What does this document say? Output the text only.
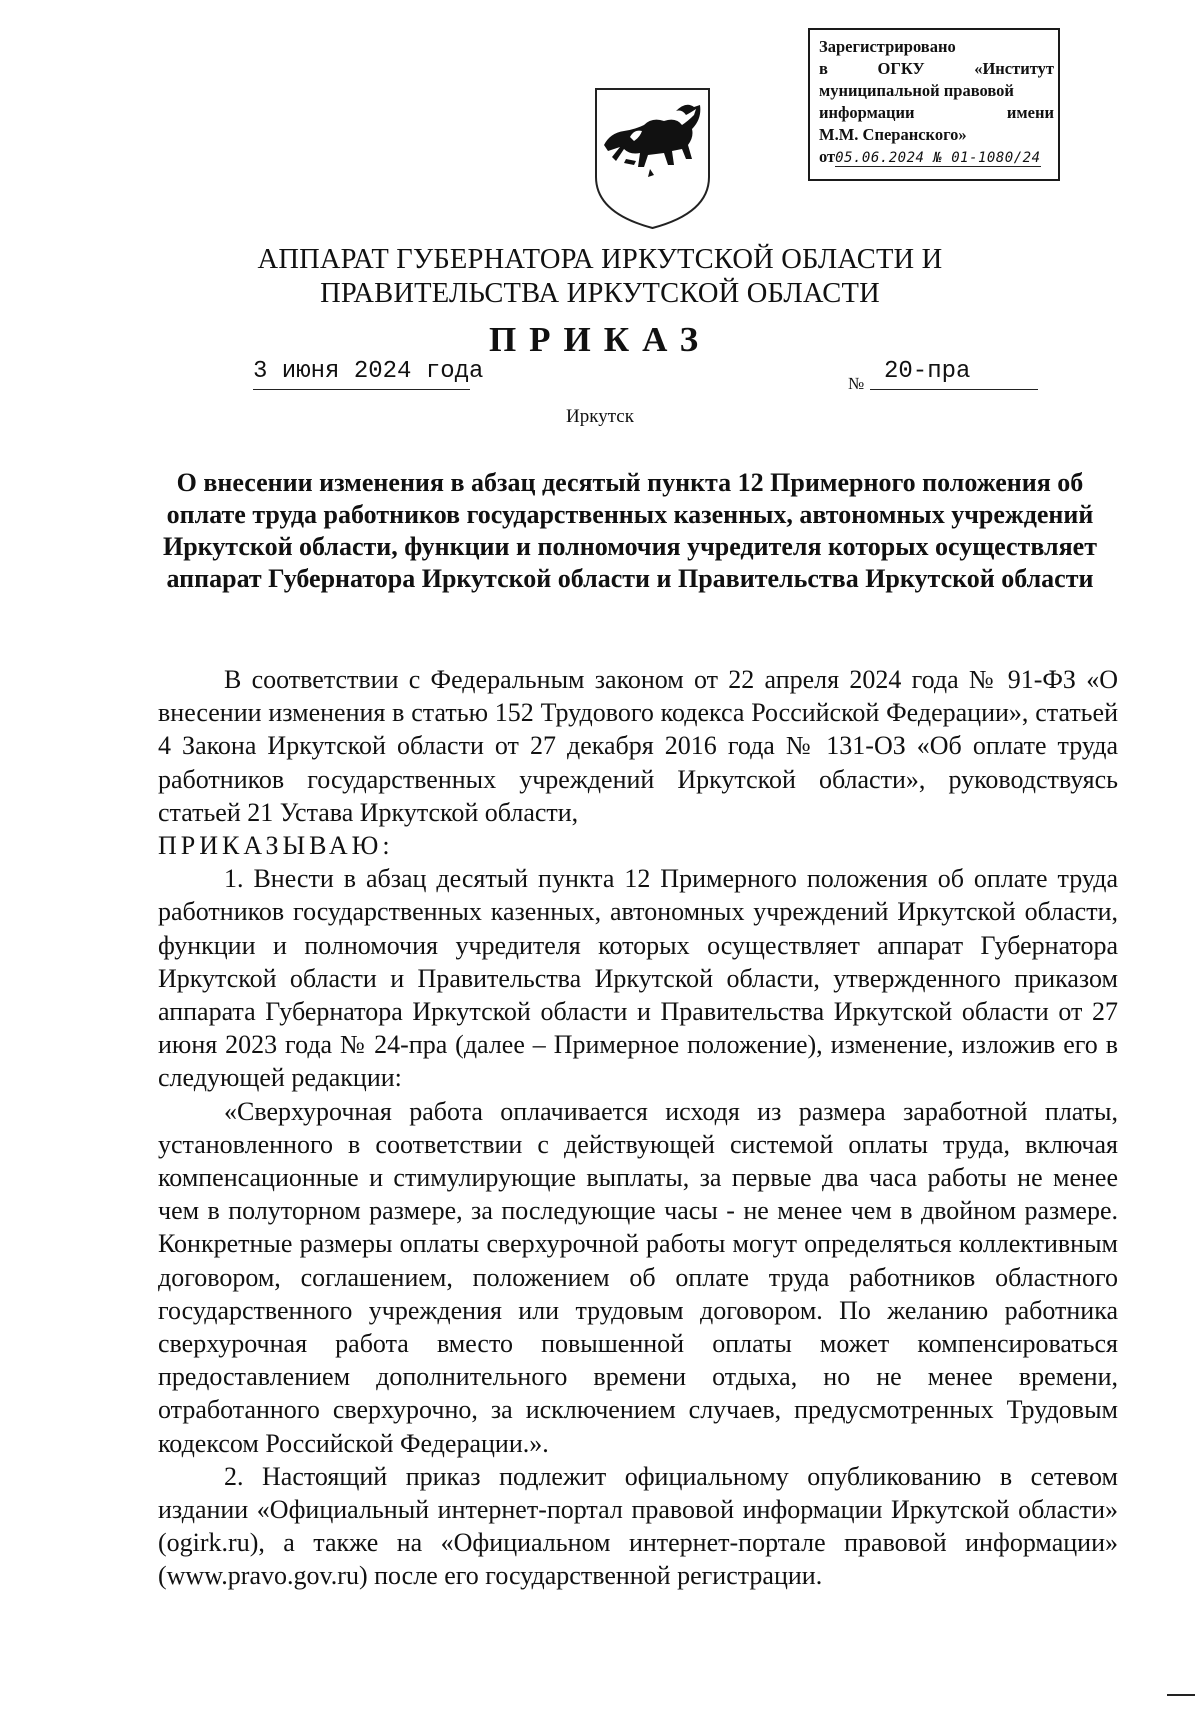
Зарегистрировано
в	ОГКУ	«Институт
муниципальной правовой
информации	имени
М.М. Сперанского»
от05.06.2024 № 01-1080/24
АППАРАТ ГУБЕРНАТОРА ИРКУТСКОЙ ОБЛАСТИ И
ПРАВИТЕЛЬСТВА ИРКУТСКОЙ ОБЛАСТИ
ПРИКАЗ
3 июня 2024 года	№ 20-пра
Иркутск
О внесении изменения в абзац десятый пункта 12 Примерного положения об оплате труда работников государственных казенных, автономных учреждений Иркутской области, функции и полномочия учредителя которых осуществляет аппарат Губернатора Иркутской области и Правительства Иркутской области

В соответствии с Федеральным законом от 22 апреля 2024 года № 91-ФЗ «О внесении изменения в статью 152 Трудового кодекса Российской Федерации», статьей 4 Закона Иркутской области от 27 декабря 2016 года № 131-ОЗ «Об оплате труда работников государственных учреждений Иркутской области», руководствуясь статьей 21 Устава Иркутской области,

ПРИКАЗЫВАЮ:

1. Внести в абзац десятый пункта 12 Примерного положения об оплате труда работников государственных казенных, автономных учреждений Иркутской области, функции и полномочия учредителя которых осуществляет аппарат Губернатора Иркутской области и Правительства Иркутской области, утвержденного приказом аппарата Губернатора Иркутской области и Правительства Иркутской области от 27 июня 2023 года № 24-пра (далее – Примерное положение), изменение, изложив его в следующей редакции:

«Сверхурочная работа оплачивается исходя из размера заработной платы, установленного в соответствии с действующей системой оплаты труда, включая компенсационные и стимулирующие выплаты, за первые два часа работы не менее чем в полуторном размере, за последующие часы - не менее чем в двойном размере. Конкретные размеры оплаты сверхурочной работы могут определяться коллективным договором, соглашением, положением об оплате труда работников областного государственного учреждения или трудовым договором. По желанию работника сверхурочная работа вместо повышенной оплаты может компенсироваться предоставлением дополнительного времени отдыха, но не менее времени, отработанного сверхурочно, за исключением случаев, предусмотренных Трудовым кодексом Российской Федерации.».

2. Настоящий приказ подлежит официальному опубликованию в сетевом издании «Официальный интернет-портал правовой информации Иркутской области» (ogirk.ru), а также на «Официальном интернет-портале правовой информации» (www.pravo.gov.ru) после его государственной регистрации.
